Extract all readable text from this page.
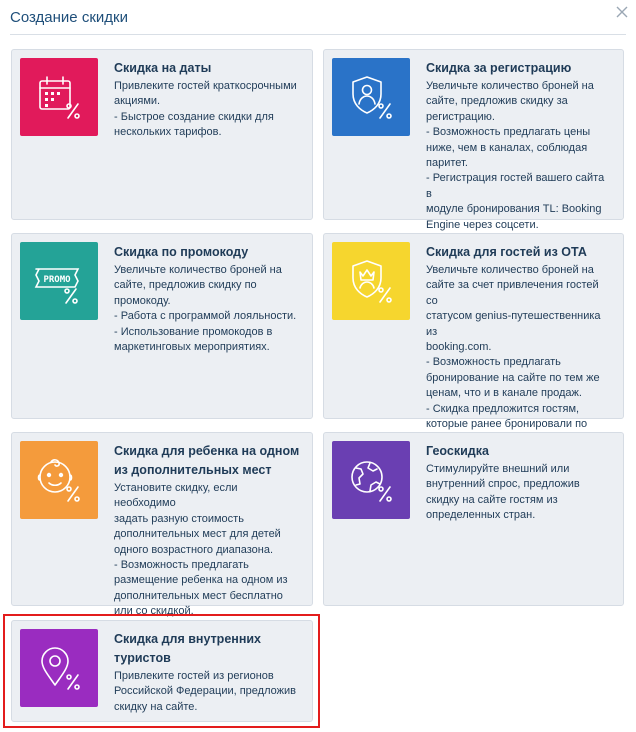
Создание скидки
Скидка на даты
Привлеките гостей краткосрочными
акциями.
- Быстрое создание скидки для
нескольких тарифов.
Скидка за регистрацию
Увеличьте количество броней на
сайте, предложив скидку за
регистрацию.
- Возможность предлагать цены
ниже, чем в каналах, соблюдая
паритет.
- Регистрация гостей вашего сайта в
модуле бронирования TL: Booking
Engine через соцсети.
PROMO
Скидка по промокоду
Увеличьте количество броней на
сайте, предложив скидку по
промокоду.
- Работа с программой лояльности.
- Использование промокодов в
маркетинговых мероприятиях.
Скидка для гостей из ОТА
Увеличьте количество броней на
сайте за счет привлечения гостей со
статусом genius-путешественника из
booking.com.
- Возможность предлагать
бронирование на сайте по тем же
ценам, что и в канале продаж.
- Скидка предложится гостям,
которые ранее бронировали по
Скидка для ребенка на одном
из дополнительных мест
Установите скидку, если необходимо
задать разную стоимость
дополнительных мест для детей
одного возрастного диапазона.
- Возможность предлагать
размещение ребенка на одном из
дополнительных мест бесплатно
или со скидкой.
Геоскидка
Стимулируйте внешний или
внутренний спрос, предложив
скидку на сайте гостям из
определенных стран.
Скидка для внутренних
туристов
Привлеките гостей из регионов
Российской Федерации, предложив
скидку на сайте.
